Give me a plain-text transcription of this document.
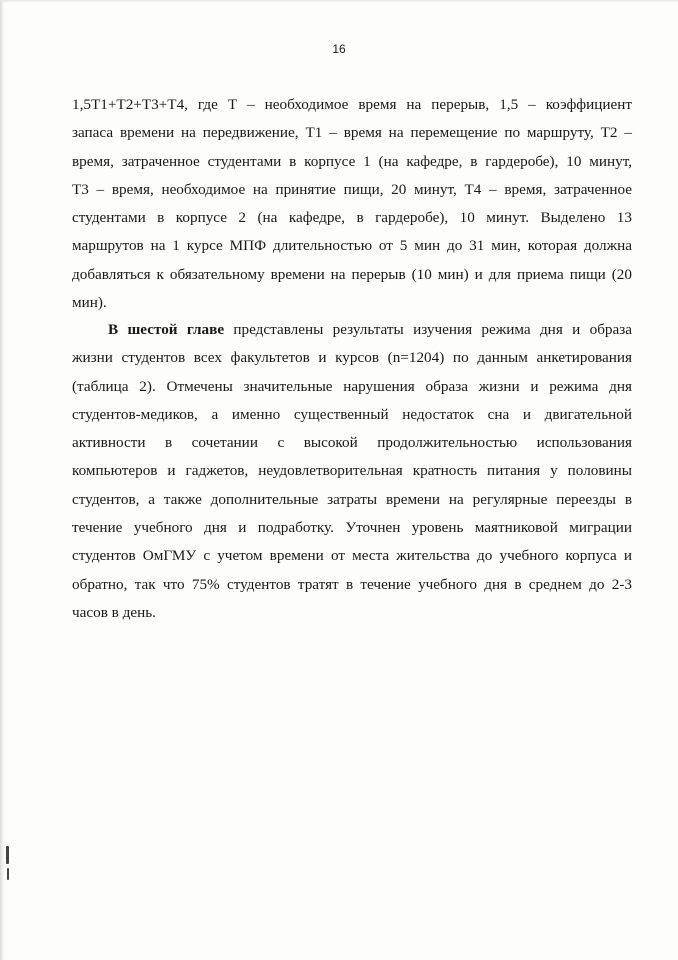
16
1,5Т1+Т2+Т3+Т4, где Т – необходимое время на перерыв, 1,5 – коэффициент
запаса времени на передвижение, Т1 – время на перемещение по маршруту, Т2 –
время, затраченное студентами в корпусе 1 (на кафедре, в гардеробе), 10 минут,
Т3 – время, необходимое на принятие пищи, 20 минут, Т4 – время, затраченное
студентами в корпусе 2 (на кафедре, в гардеробе), 10 минут. Выделено 13
маршрутов на 1 курсе МПФ длительностью от 5 мин до 31 мин, которая должна
добавляться к обязательному времени на перерыв (10 мин) и для приема пищи (20
мин).
В шестой главе представлены результаты изучения режима дня и образа
жизни студентов всех факультетов и курсов (n=1204) по данным анкетирования
(таблица 2). Отмечены значительные нарушения образа жизни и режима дня
студентов-медиков, а именно существенный недостаток сна и двигательной
активности в сочетании с высокой продолжительностью использования
компьютеров и гаджетов, неудовлетворительная кратность питания у половины
студентов, а также дополнительные затраты времени на регулярные переезды в
течение учебного дня и подработку. Уточнен уровень маятниковой миграции
студентов ОмГМУ с учетом времени от места жительства до учебного корпуса и
обратно, так что 75% студентов тратят в течение учебного дня в среднем до 2-3
часов в день.
